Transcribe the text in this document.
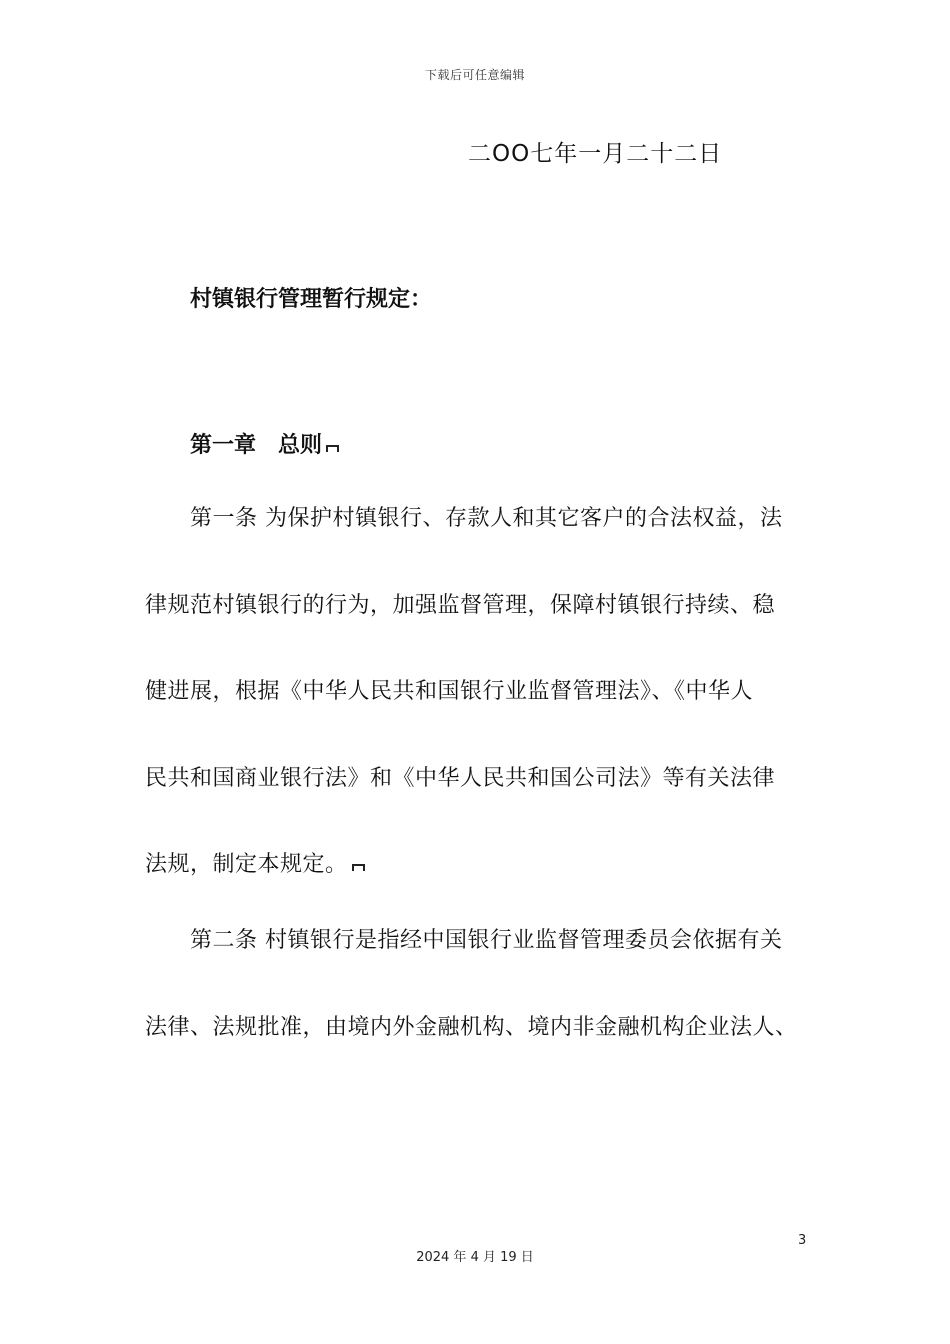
下载后可任意编辑
二OO七年一月二十二日
村镇银行管理暂行规定：
第一章　总则
第一条 为保护村镇银行、存款人和其它客户的合法权益，法
律规范村镇银行的行为，加强监督管理，保障村镇银行持续、稳
健进展，根据《中华人民共和国银行业监督管理法》、《中华人
民共和国商业银行法》和《中华人民共和国公司法》等有关法律
法规，制定本规定。
第二条 村镇银行是指经中国银行业监督管理委员会依据有关
法律、法规批准，由境内外金融机构、境内非金融机构企业法人、
3
2024 年 4 月 19 日
